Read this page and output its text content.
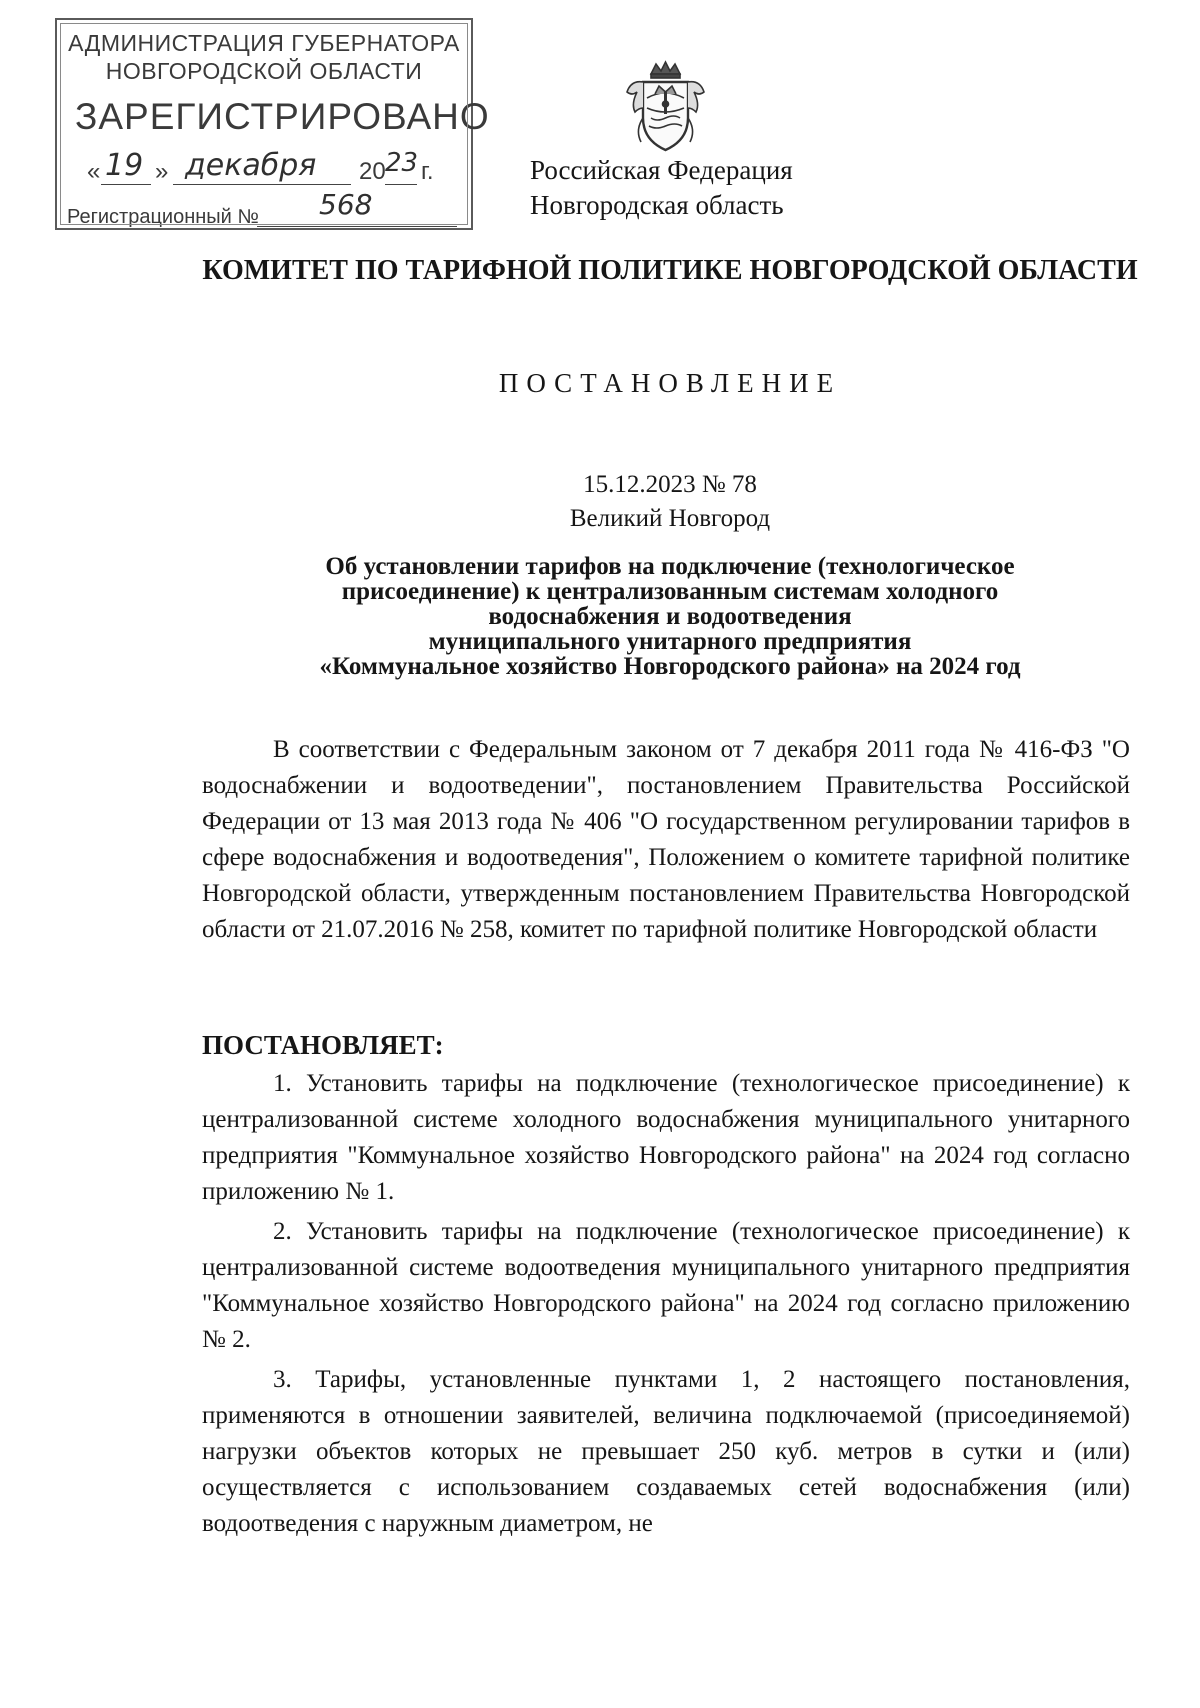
АДМИНИСТРАЦИЯ ГУБЕРНАТОРА
НОВГОРОДСКОЙ ОБЛАСТИ
ЗАРЕГИСТРИРОВАНО
« 19 » декабря 20 23 г.
Регистрационный № 568
Российская Федерация
Новгородская область
КОМИТЕТ ПО ТАРИФНОЙ ПОЛИТИКЕ НОВГОРОДСКОЙ ОБЛАСТИ
ПОСТАНОВЛЕНИЕ
15.12.2023 № 78
Великий Новгород
Об установлении тарифов на подключение (технологическое
присоединение) к централизованным системам холодного
водоснабжения и водоотведения
муниципального унитарного предприятия
«Коммунальное хозяйство Новгородского района» на 2024 год

В соответствии с Федеральным законом от 7 декабря 2011 года № 416-ФЗ "О водоснабжении и водоотведении", постановлением Правительства Российской Федерации от 13 мая 2013 года № 406 "О государственном регулировании тарифов в сфере водоснабжения и водоотведения", Положением о комитете тарифной политике Новгородской области, утвержденным постановлением Правительства Новгородской области от 21.07.2016 № 258, комитет по тарифной политике Новгородской области

ПОСТАНОВЛЯЕТ:

1. Установить тарифы на подключение (технологическое присоединение) к централизованной системе холодного водоснабжения муниципального унитарного предприятия "Коммунальное хозяйство Новгородского района" на 2024 год согласно приложению № 1.

2. Установить тарифы на подключение (технологическое присоединение) к централизованной системе водоотведения муниципального унитарного предприятия "Коммунальное хозяйство Новгородского района" на 2024 год согласно приложению № 2.

3. Тарифы, установленные пунктами 1, 2 настоящего постановления, применяются в отношении заявителей, величина подключаемой (присоединяемой) нагрузки объектов которых не превышает 250 куб. метров в сутки и (или) осуществляется с использованием создаваемых сетей водоснабжения (или) водоотведения с наружным диаметром, не
